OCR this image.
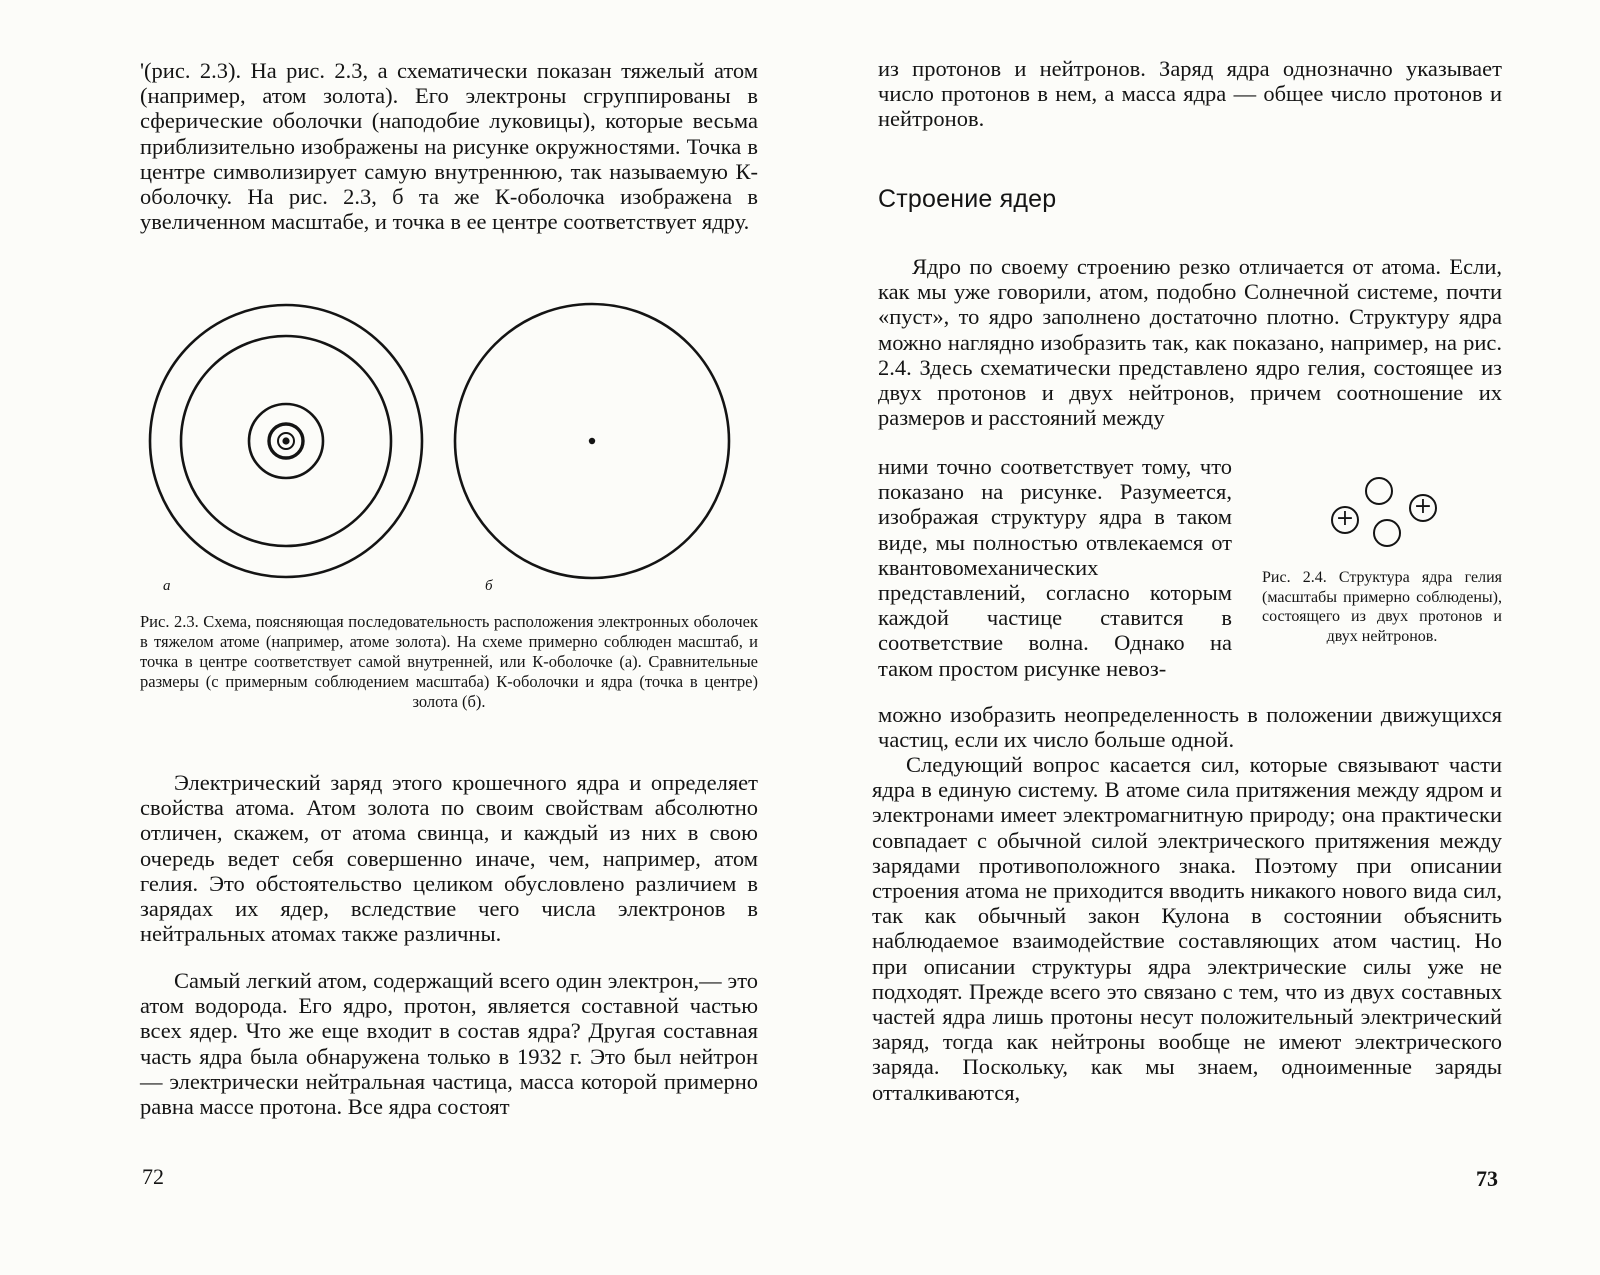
'(рис. 2.3). На рис. 2.3, а схематически показан тяжелый атом (например, атом золота). Его электроны сгруппированы в сферические оболочки (наподобие луковицы), которые весьма приблизительно изображены на рисунке окружностями. Точка в центре символизирует самую внутреннюю, так называемую К-оболочку. На рис. 2.3, б та же К-оболочка изображена в увеличенном масштабе, и точка в ее центре соответствует ядру.

а	б

Рис. 2.3. Схема, поясняющая последовательность расположения электронных оболочек в тяжелом атоме (например, атоме золота). На схеме примерно соблюден масштаб, и точка в центре соответствует самой внутренней, или К-оболочке (а). Сравнительные размеры (с примерным соблюдением масштаба) К-оболочки и ядра (точка в центре) золота (б).

Электрический заряд этого крошечного ядра и определяет свойства атома. Атом золота по своим свойствам абсолютно отличен, скажем, от атома свинца, и каждый из них в свою очередь ведет себя совершенно иначе, чем, например, атом гелия. Это обстоятельство целиком обусловлено различием в зарядах их ядер, вследствие чего числа электронов в нейтральных атомах также различны.

Самый легкий атом, содержащий всего один электрон,— это атом водорода. Его ядро, протон, является составной частью всех ядер. Что же еще входит в состав ядра? Другая составная часть ядра была обнаружена только в 1932 г. Это был нейтрон — электрически нейтральная частица, масса которой примерно равна массе протона. Все ядра состоят

72

из протонов и нейтронов. Заряд ядра однозначно указывает число протонов в нем, а масса ядра — общее число протонов и нейтронов.

Строение ядер

Ядро по своему строению резко отличается от атома. Если, как мы уже говорили, атом, подобно Солнечной системе, почти «пуст», то ядро заполнено достаточно плотно. Структуру ядра можно наглядно изобразить так, как показано, например, на рис. 2.4. Здесь схематически представлено ядро гелия, состоящее из двух протонов и двух нейтронов, причем соотношение их размеров и расстояний между

ними точно соответствует тому, что показано на рисунке. Разумеется, изображая структуру ядра в таком виде, мы полностью отвлекаемся от квантовомеханических представлений, согласно которым каждой частице ставится в соответствие волна. Однако на таком простом рисунке невоз-

можно изобразить неопределенность в положении движущихся частиц, если их число больше одной.

+	+

Рис. 2.4. Структура ядра гелия (масштабы примерно соблюдены), состоящего из двух протонов и двух нейтронов.

Следующий вопрос касается сил, которые связывают части ядра в единую систему. В атоме сила притяжения между ядром и электронами имеет электромагнитную природу; она практически совпадает с обычной силой электрического притяжения между зарядами противоположного знака. Поэтому при описании строения атома не приходится вводить никакого нового вида сил, так как обычный закон Кулона в состоянии объяснить наблюдаемое взаимодействие составляющих атом частиц. Но при описании структуры ядра электрические силы уже не подходят. Прежде всего это связано с тем, что из двух составных частей ядра лишь протоны несут положительный электрический заряд, тогда как нейтроны вообще не имеют электрического заряда. Поскольку, как мы знаем, одноименные заряды отталкиваются,

73
